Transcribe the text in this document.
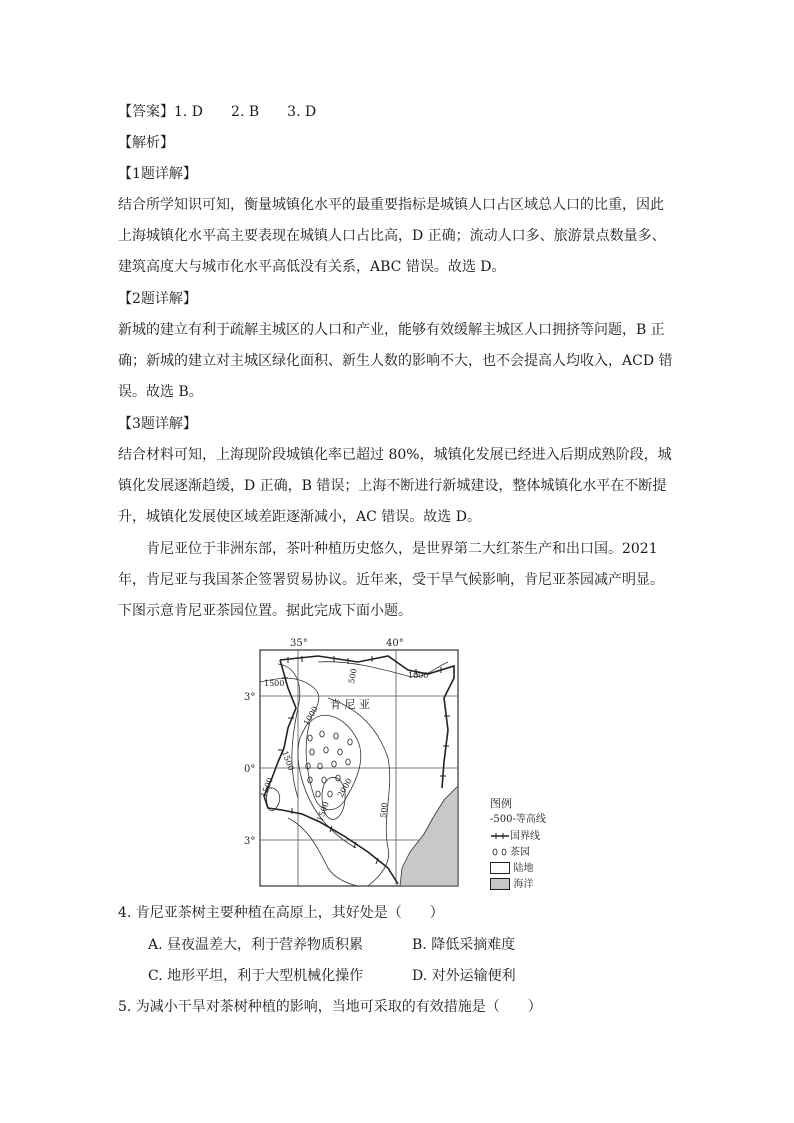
【答案】1. D 2. B 3. D
【解析】
【1题详解】
结合所学知识可知，衡量城镇化水平的最重要指标是城镇人口占区域总人口的比重，因此
上海城镇化水平高主要表现在城镇人口占比高，D 正确；流动人口多、旅游景点数量多、
建筑高度大与城市化水平高低没有关系，ABC 错误。故选 D。
【2题详解】
新城的建立有利于疏解主城区的人口和产业，能够有效缓解主城区人口拥挤等问题，B 正
确；新城的建立对主城区绿化面积、新生人数的影响不大，也不会提高人均收入，ACD 错
误。故选 B。
【3题详解】
结合材料可知，上海现阶段城镇化率已超过 80%，城镇化发展已经进入后期成熟阶段，城
镇化发展逐渐趋缓，D 正确，B 错误；上海不断进行新城建设，整体城镇化水平在不断提
升，城镇化发展使区域差距逐渐减小，AC 错误。故选 D。
肯尼亚位于非洲东部，茶叶种植历史悠久，是世界第二大红茶生产和出口国。2021
年，肯尼亚与我国茶企签署贸易协议。近年来，受干旱气候影响，肯尼亚茶园减产明显。
下图示意肯尼亚茶园位置。据此完成下面小题。
35°	40°
3°
0°
3°
肯 尼 亚
1500
1000
500
1000
1500
2000
1500	500
1500
图例
-500-等高线
国界线
茶园
陆地
海洋
4. 肯尼亚茶树主要种植在高原上，其好处是（　　）
A. 昼夜温差大，利于营养物质积累	B. 降低采摘难度
C. 地形平坦，利于大型机械化操作	D. 对外运输便利
5. 为减小干旱对茶树种植的影响，当地可采取的有效措施是（　　）
